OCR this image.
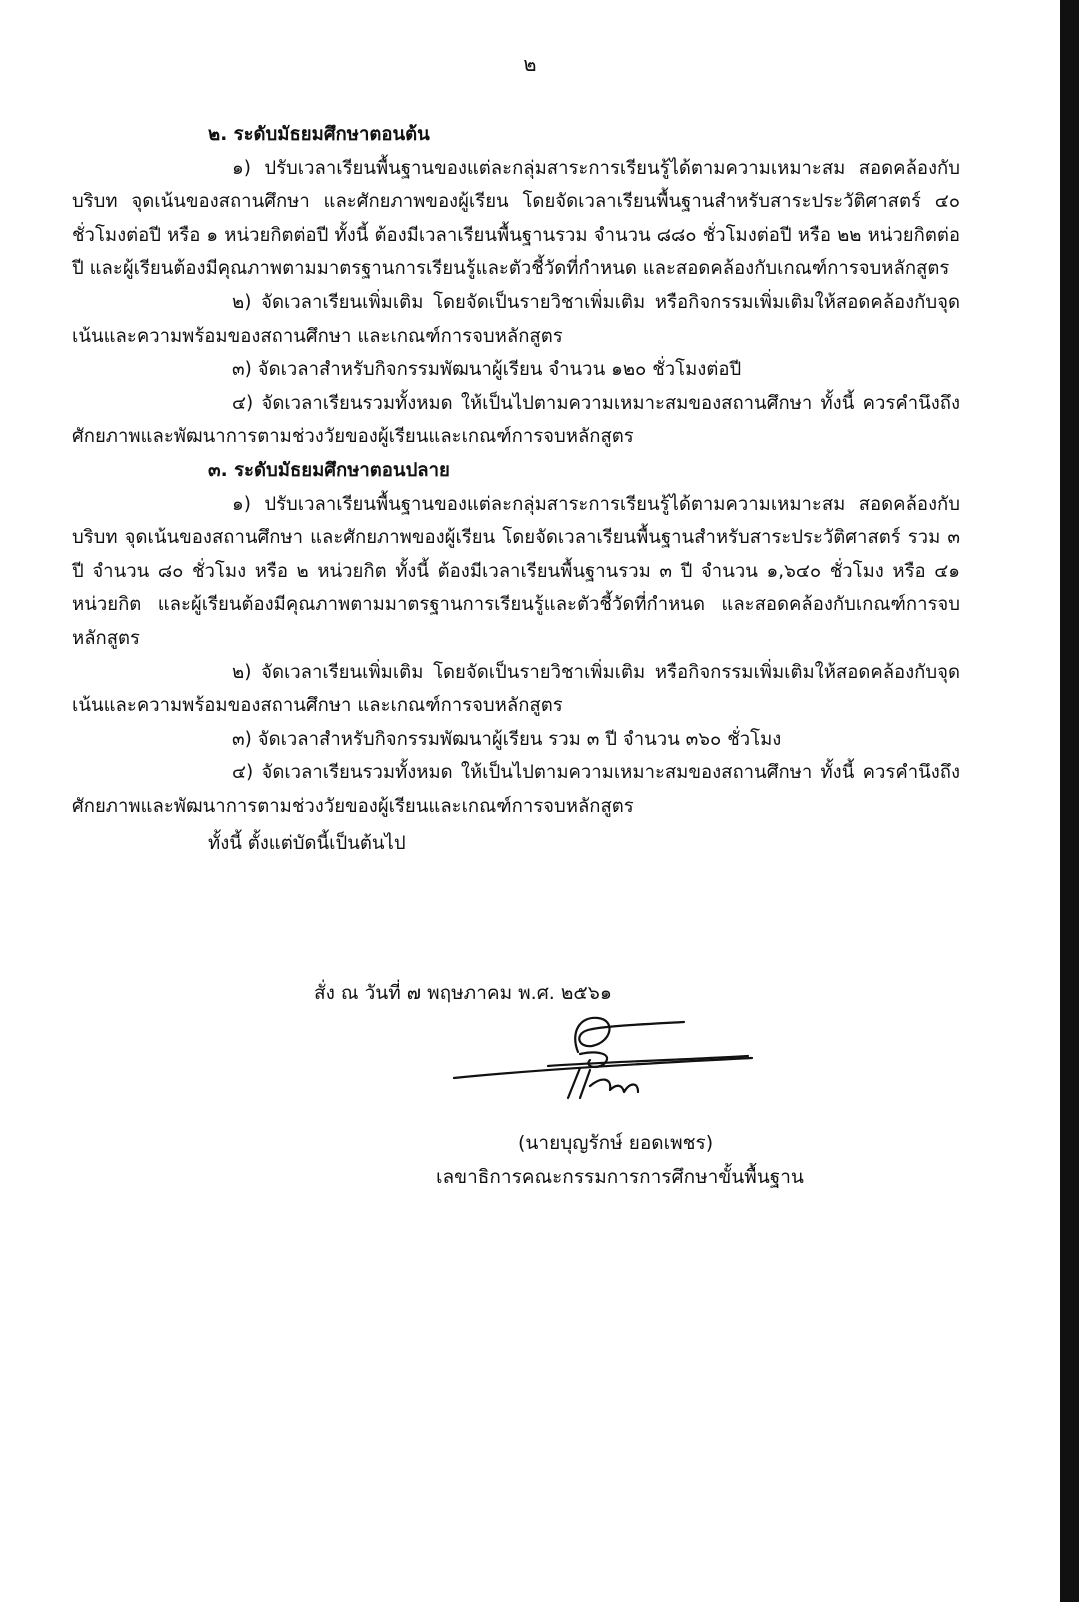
๒

๒. ระดับมัธยมศึกษาตอนต้น

๑) ปรับเวลาเรียนพื้นฐานของแต่ละกลุ่มสาระการเรียนรู้ได้ตามความเหมาะสม สอดคล้องกับบริบท จุดเน้นของสถานศึกษา และศักยภาพของผู้เรียน โดยจัดเวลาเรียนพื้นฐานสำหรับสาระประวัติศาสตร์ ๔๐ ชั่วโมงต่อปี หรือ ๑ หน่วยกิตต่อปี ทั้งนี้ ต้องมีเวลาเรียนพื้นฐานรวม จำนวน ๘๘๐ ชั่วโมงต่อปี หรือ ๒๒ หน่วยกิตต่อปี และผู้เรียนต้องมีคุณภาพตามมาตรฐานการเรียนรู้และตัวชี้วัดที่กำหนด และสอดคล้องกับเกณฑ์การจบหลักสูตร

๒) จัดเวลาเรียนเพิ่มเติม โดยจัดเป็นรายวิชาเพิ่มเติม หรือกิจกรรมเพิ่มเติมให้สอดคล้องกับจุดเน้นและความพร้อมของสถานศึกษา และเกณฑ์การจบหลักสูตร

๓) จัดเวลาสำหรับกิจกรรมพัฒนาผู้เรียน จำนวน ๑๒๐ ชั่วโมงต่อปี

๔) จัดเวลาเรียนรวมทั้งหมด ให้เป็นไปตามความเหมาะสมของสถานศึกษา ทั้งนี้ ควรคำนึงถึงศักยภาพและพัฒนาการตามช่วงวัยของผู้เรียนและเกณฑ์การจบหลักสูตร

๓. ระดับมัธยมศึกษาตอนปลาย

๑) ปรับเวลาเรียนพื้นฐานของแต่ละกลุ่มสาระการเรียนรู้ได้ตามความเหมาะสม สอดคล้องกับบริบท จุดเน้นของสถานศึกษา และศักยภาพของผู้เรียน โดยจัดเวลาเรียนพื้นฐานสำหรับสาระประวัติศาสตร์ รวม ๓ ปี จำนวน ๘๐ ชั่วโมง หรือ ๒ หน่วยกิต ทั้งนี้ ต้องมีเวลาเรียนพื้นฐานรวม ๓ ปี จำนวน ๑,๖๔๐ ชั่วโมง หรือ ๔๑ หน่วยกิต และผู้เรียนต้องมีคุณภาพตามมาตรฐานการเรียนรู้และตัวชี้วัดที่กำหนด และสอดคล้องกับเกณฑ์การจบหลักสูตร

๒) จัดเวลาเรียนเพิ่มเติม โดยจัดเป็นรายวิชาเพิ่มเติม หรือกิจกรรมเพิ่มเติมให้สอดคล้องกับจุดเน้นและความพร้อมของสถานศึกษา และเกณฑ์การจบหลักสูตร

๓) จัดเวลาสำหรับกิจกรรมพัฒนาผู้เรียน รวม ๓ ปี จำนวน ๓๖๐ ชั่วโมง

๔) จัดเวลาเรียนรวมทั้งหมด ให้เป็นไปตามความเหมาะสมของสถานศึกษา ทั้งนี้ ควรคำนึงถึงศักยภาพและพัฒนาการตามช่วงวัยของผู้เรียนและเกณฑ์การจบหลักสูตร

ทั้งนี้ ตั้งแต่บัดนี้เป็นต้นไป

สั่ง ณ วันที่ ๗ พฤษภาคม พ.ศ. ๒๕๖๑
(นายบุญรักษ์ ยอดเพชร)
เลขาธิการคณะกรรมการการศึกษาขั้นพื้นฐาน
